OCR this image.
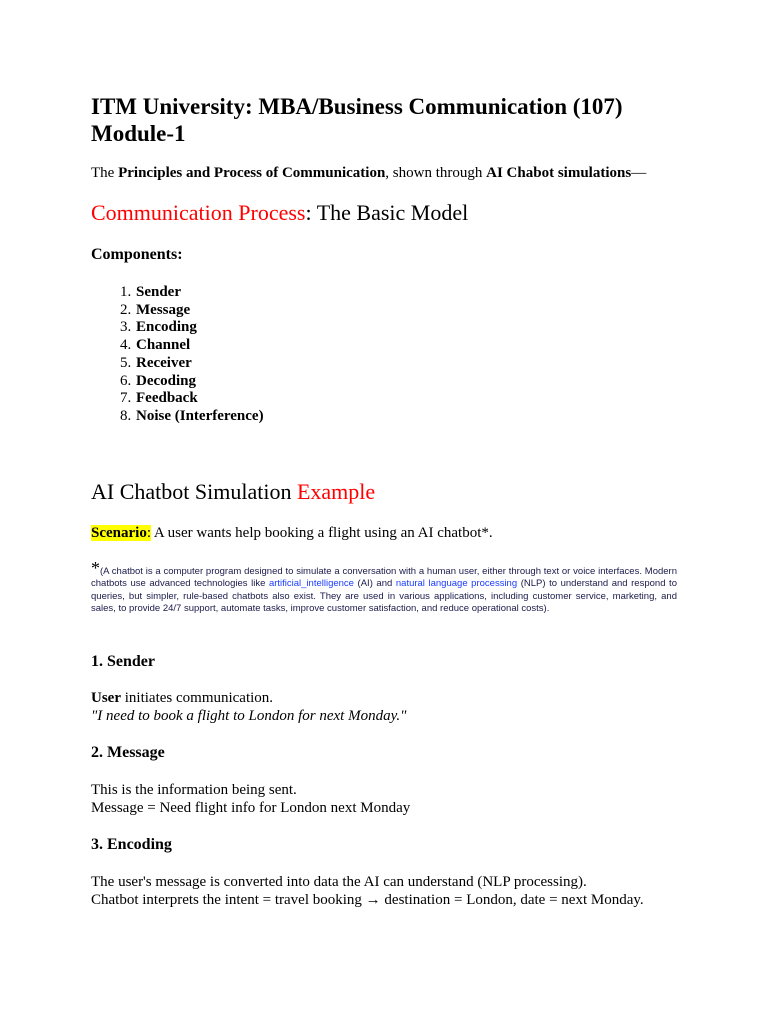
ITM University: MBA/Business Communication (107)
Module-1

The Principles and Process of Communication, shown through AI Chabot simulations—

Communication Process: The Basic Model
Components:
1. Sender
2. Message
3. Encoding
4. Channel
5. Receiver
6. Decoding
7. Feedback
8. Noise (Interference)
AI Chatbot Simulation Example
Scenario: A user wants help booking a flight using an AI chatbot*.

*(A chatbot is a computer program designed to simulate a conversation with a human user, either through text or voice interfaces. Modern chatbots use advanced technologies like artificial_intelligence (AI) and natural language processing (NLP) to understand and respond to queries, but simpler, rule-based chatbots also exist. They are used in various applications, including customer service, marketing, and sales, to provide 24/7 support, automate tasks, improve customer satisfaction, and reduce operational costs).

1. Sender
User initiates communication.
"I need to book a flight to London for next Monday."
2. Message
This is the information being sent.
Message = Need flight info for London next Monday
3. Encoding
The user's message is converted into data the AI can understand (NLP processing).
Chatbot interprets the intent = travel booking → destination = London, date = next Monday.
